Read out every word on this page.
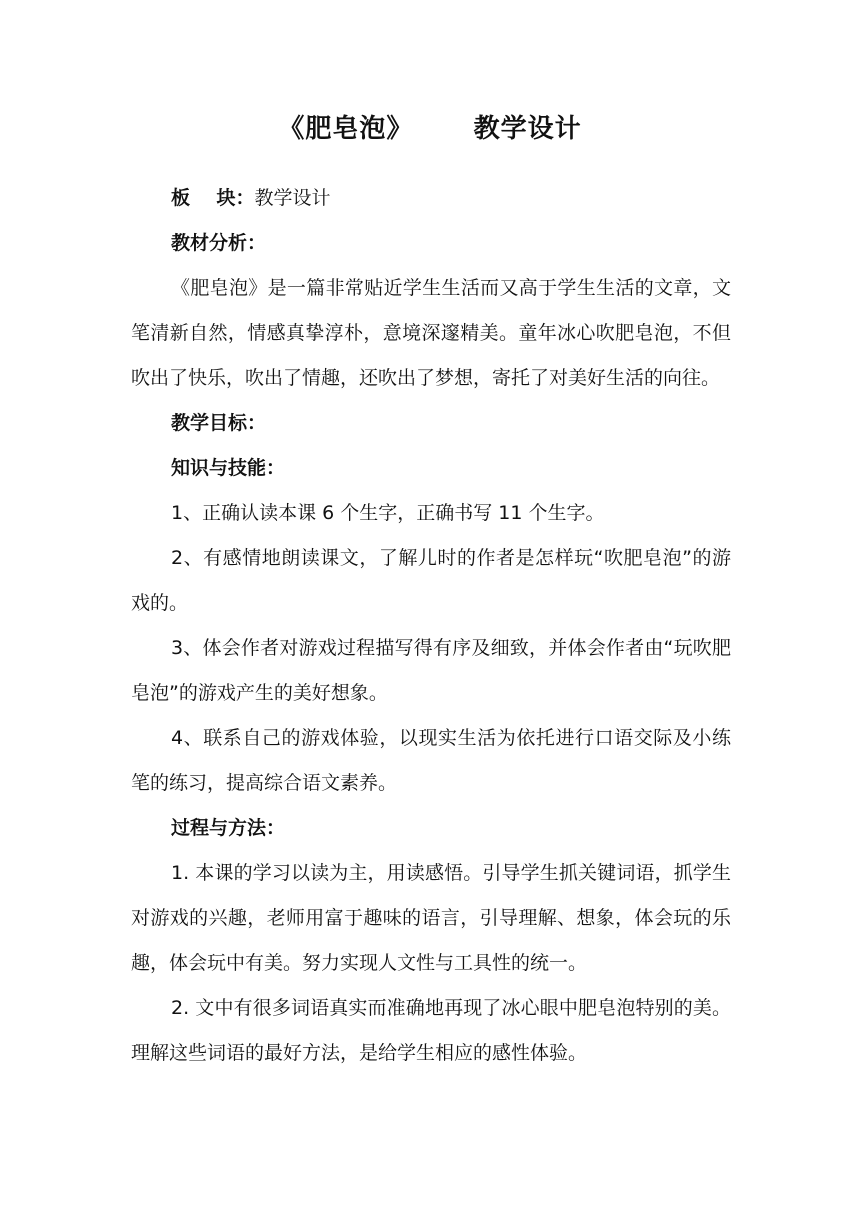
《肥皂泡》      教学设计

板    块：教学设计

教材分析：

《肥皂泡》是一篇非常贴近学生生活而又高于学生生活的文章，文笔清新自然，情感真挚淳朴，意境深邃精美。童年冰心吹肥皂泡，不但吹出了快乐，吹出了情趣，还吹出了梦想，寄托了对美好生活的向往。

教学目标：

知识与技能：

1、正确认读本课 6 个生字，正确书写 11 个生字。

2、有感情地朗读课文，了解儿时的作者是怎样玩“吹肥皂泡”的游戏的。

3、体会作者对游戏过程描写得有序及细致，并体会作者由“玩吹肥皂泡”的游戏产生的美好想象。

4、联系自己的游戏体验，以现实生活为依托进行口语交际及小练笔的练习，提高综合语文素养。

过程与方法：

1. 本课的学习以读为主，用读感悟。引导学生抓关键词语，抓学生对游戏的兴趣，老师用富于趣味的语言，引导理解、想象，体会玩的乐趣，体会玩中有美。努力实现人文性与工具性的统一。

2. 文中有很多词语真实而准确地再现了冰心眼中肥皂泡特别的美。理解这些词语的最好方法，是给学生相应的感性体验。
